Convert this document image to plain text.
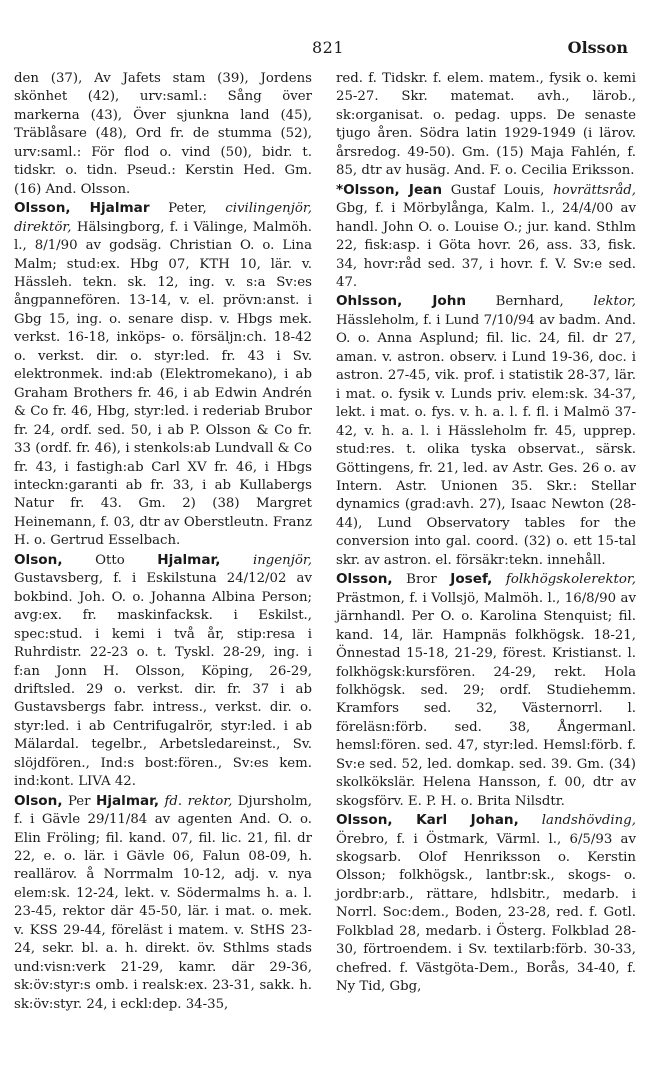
821	Olsson

den (37), Av Jafets stam (39), Jordens skönhet (42), urv:saml.: Sång över markerna (43), Över sjunkna land (45), Träblåsare (48), Ord fr. de stumma (52), urv:saml.: För flod o. vind (50), bidr. t. tidskr. o. tidn. Pseud.: Kerstin Hed. Gm. (16) And. Olsson.

Olsson, Hjalmar Peter, civilingenjör, direktör, Hälsingborg, f. i Välinge, Malmöh. l., 8/1/90 av godsäg. Christian O. o. Lina Malm; stud:ex. Hbg 07, KTH 10, lär. v. Hässleh. tekn. sk. 12, ing. v. s:a Sv:es ångpannefören. 13-14, v. el. prövn:anst. i Gbg 15, ing. o. senare disp. v. Hbgs mek. verkst. 16-18, inköps- o. försäljn:ch. 18-42 o. verkst. dir. o. styr:led. fr. 43 i Sv. elektronmek. ind:ab (Elektromekano), i ab Graham Brothers fr. 46, i ab Edwin Andrén & Co fr. 46, Hbg, styr:led. i rederiab Brubor fr. 24, ordf. sed. 50, i ab P. Olsson & Co fr. 33 (ordf. fr. 46), i stenkols:ab Lundvall & Co fr. 43, i fastigh:ab Carl XV fr. 46, i Hbgs inteckn:garanti ab fr. 33, i ab Kullabergs Natur fr. 43. Gm. 2) (38) Margret Heinemann, f. 03, dtr av Oberstleutn. Franz H. o. Gertrud Esselbach.

Olson, Otto Hjalmar, ingenjör, Gustavsberg, f. i Eskilstuna 24/12/02 av bokbind. Joh. O. o. Johanna Albina Person; avg:ex. fr. maskinfacksk. i Eskilst., spec:stud. i kemi i två år, stip:resa i Ruhrdistr. 22-23 o. t. Tyskl. 28-29, ing. i f:an Jonn H. Olsson, Köping, 26-29, driftsled. 29 o. verkst. dir. fr. 37 i ab Gustavsbergs fabr. intress., verkst. dir. o. styr:led. i ab Centrifugalrör, styr:led. i ab Mälardal. tegelbr., Arbetsledareinst., Sv. slöjdfören., Ind:s bost:fören., Sv:es kem. ind:kont. LIVA 42.

Olson, Per Hjalmar, fd. rektor, Djursholm, f. i Gävle 29/11/84 av agenten And. O. o. Elin Fröling; fil. kand. 07, fil. lic. 21, fil. dr 22, e. o. lär. i Gävle 06, Falun 08-09, h. reallärov. å Norrmalm 10-12, adj. v. nya elem:sk. 12-24, lekt. v. Södermalms h. a. l. 23-45, rektor där 45-50, lär. i mat. o. mek. v. KSS 29-44, föreläst i matem. v. StHS 23-24, sekr. bl. a. h. direkt. öv. Sthlms stads und:visn:verk 21-29, kamr. där 29-36, sk:öv:styr:s omb. i realsk:ex. 23-31, sakk. h. sk:öv:styr. 24, i eckl:dep. 34-35,

red. f. Tidskr. f. elem. matem., fysik o. kemi 25-27. Skr. matemat. avh., lärob., sk:organisat. o. pedag. upps. De senaste tjugo åren. Södra latin 1929-1949 (i lärov. årsredog. 49-50). Gm. (15) Maja Fahlén, f. 85, dtr av husäg. And. F. o. Cecilia Eriksson.

*Olsson, Jean Gustaf Louis, hovrättsråd, Gbg, f. i Mörbylånga, Kalm. l., 24/4/00 av handl. John O. o. Louise O.; jur. kand. Sthlm 22, fisk:asp. i Göta hovr. 26, ass. 33, fisk. 34, hovr:råd sed. 37, i hovr. f. V. Sv:e sed. 47.

Ohlsson, John Bernhard, lektor, Hässleholm, f. i Lund 7/10/94 av badm. And. O. o. Anna Asplund; fil. lic. 24, fil. dr 27, aman. v. astron. observ. i Lund 19-36, doc. i astron. 27-45, vik. prof. i statistik 28-37, lär. i mat. o. fysik v. Lunds priv. elem:sk. 34-37, lekt. i mat. o. fys. v. h. a. l. f. fl. i Malmö 37-42, v. h. a. l. i Hässleholm fr. 45, upprep. stud:res. t. olika tyska observat., särsk. Göttingens, fr. 21, led. av Astr. Ges. 26 o. av Intern. Astr. Unionen 35. Skr.: Stellar dynamics (grad:avh. 27), Isaac Newton (28-44), Lund Observatory tables for the conversion into gal. coord. (32) o. ett 15-tal skr. av astron. el. försäkr:tekn. innehåll.

Olsson, Bror Josef, folkhögskolerektor, Prästmon, f. i Vollsjö, Malmöh. l., 16/8/90 av järnhandl. Per O. o. Karolina Stenquist; fil. kand. 14, lär. Hampnäs folkhögsk. 18-21, Önnestad 15-18, 21-29, förest. Kristianst. l. folkhögsk:kursfören. 24-29, rekt. Hola folkhögsk. sed. 29; ordf. Studiehemm. Kramfors sed. 32, Västernorrl. l. föreläsn:förb. sed. 38, Ångermanl. hemsl:fören. sed. 47, styr:led. Hemsl:förb. f. Sv:e sed. 52, led. domkap. sed. 39. Gm. (34) skolkökslär. Helena Hansson, f. 00, dtr av skogsförv. E. P. H. o. Brita Nilsdtr.

Olsson, Karl Johan, landshövding, Örebro, f. i Östmark, Värml. l., 6/5/93 av skogsarb. Olof Henriksson o. Kerstin Olsson; folkhögsk., lantbr:sk., skogs- o. jordbr:arb., rättare, hdlsbitr., medarb. i Norrl. Soc:dem., Boden, 23-28, red. f. Gotl. Folkblad 28, medarb. i Österg. Folkblad 28-30, förtroendem. i Sv. textilarb:förb. 30-33, chefred. f. Västgöta-Dem., Borås, 34-40, f. Ny Tid, Gbg,
